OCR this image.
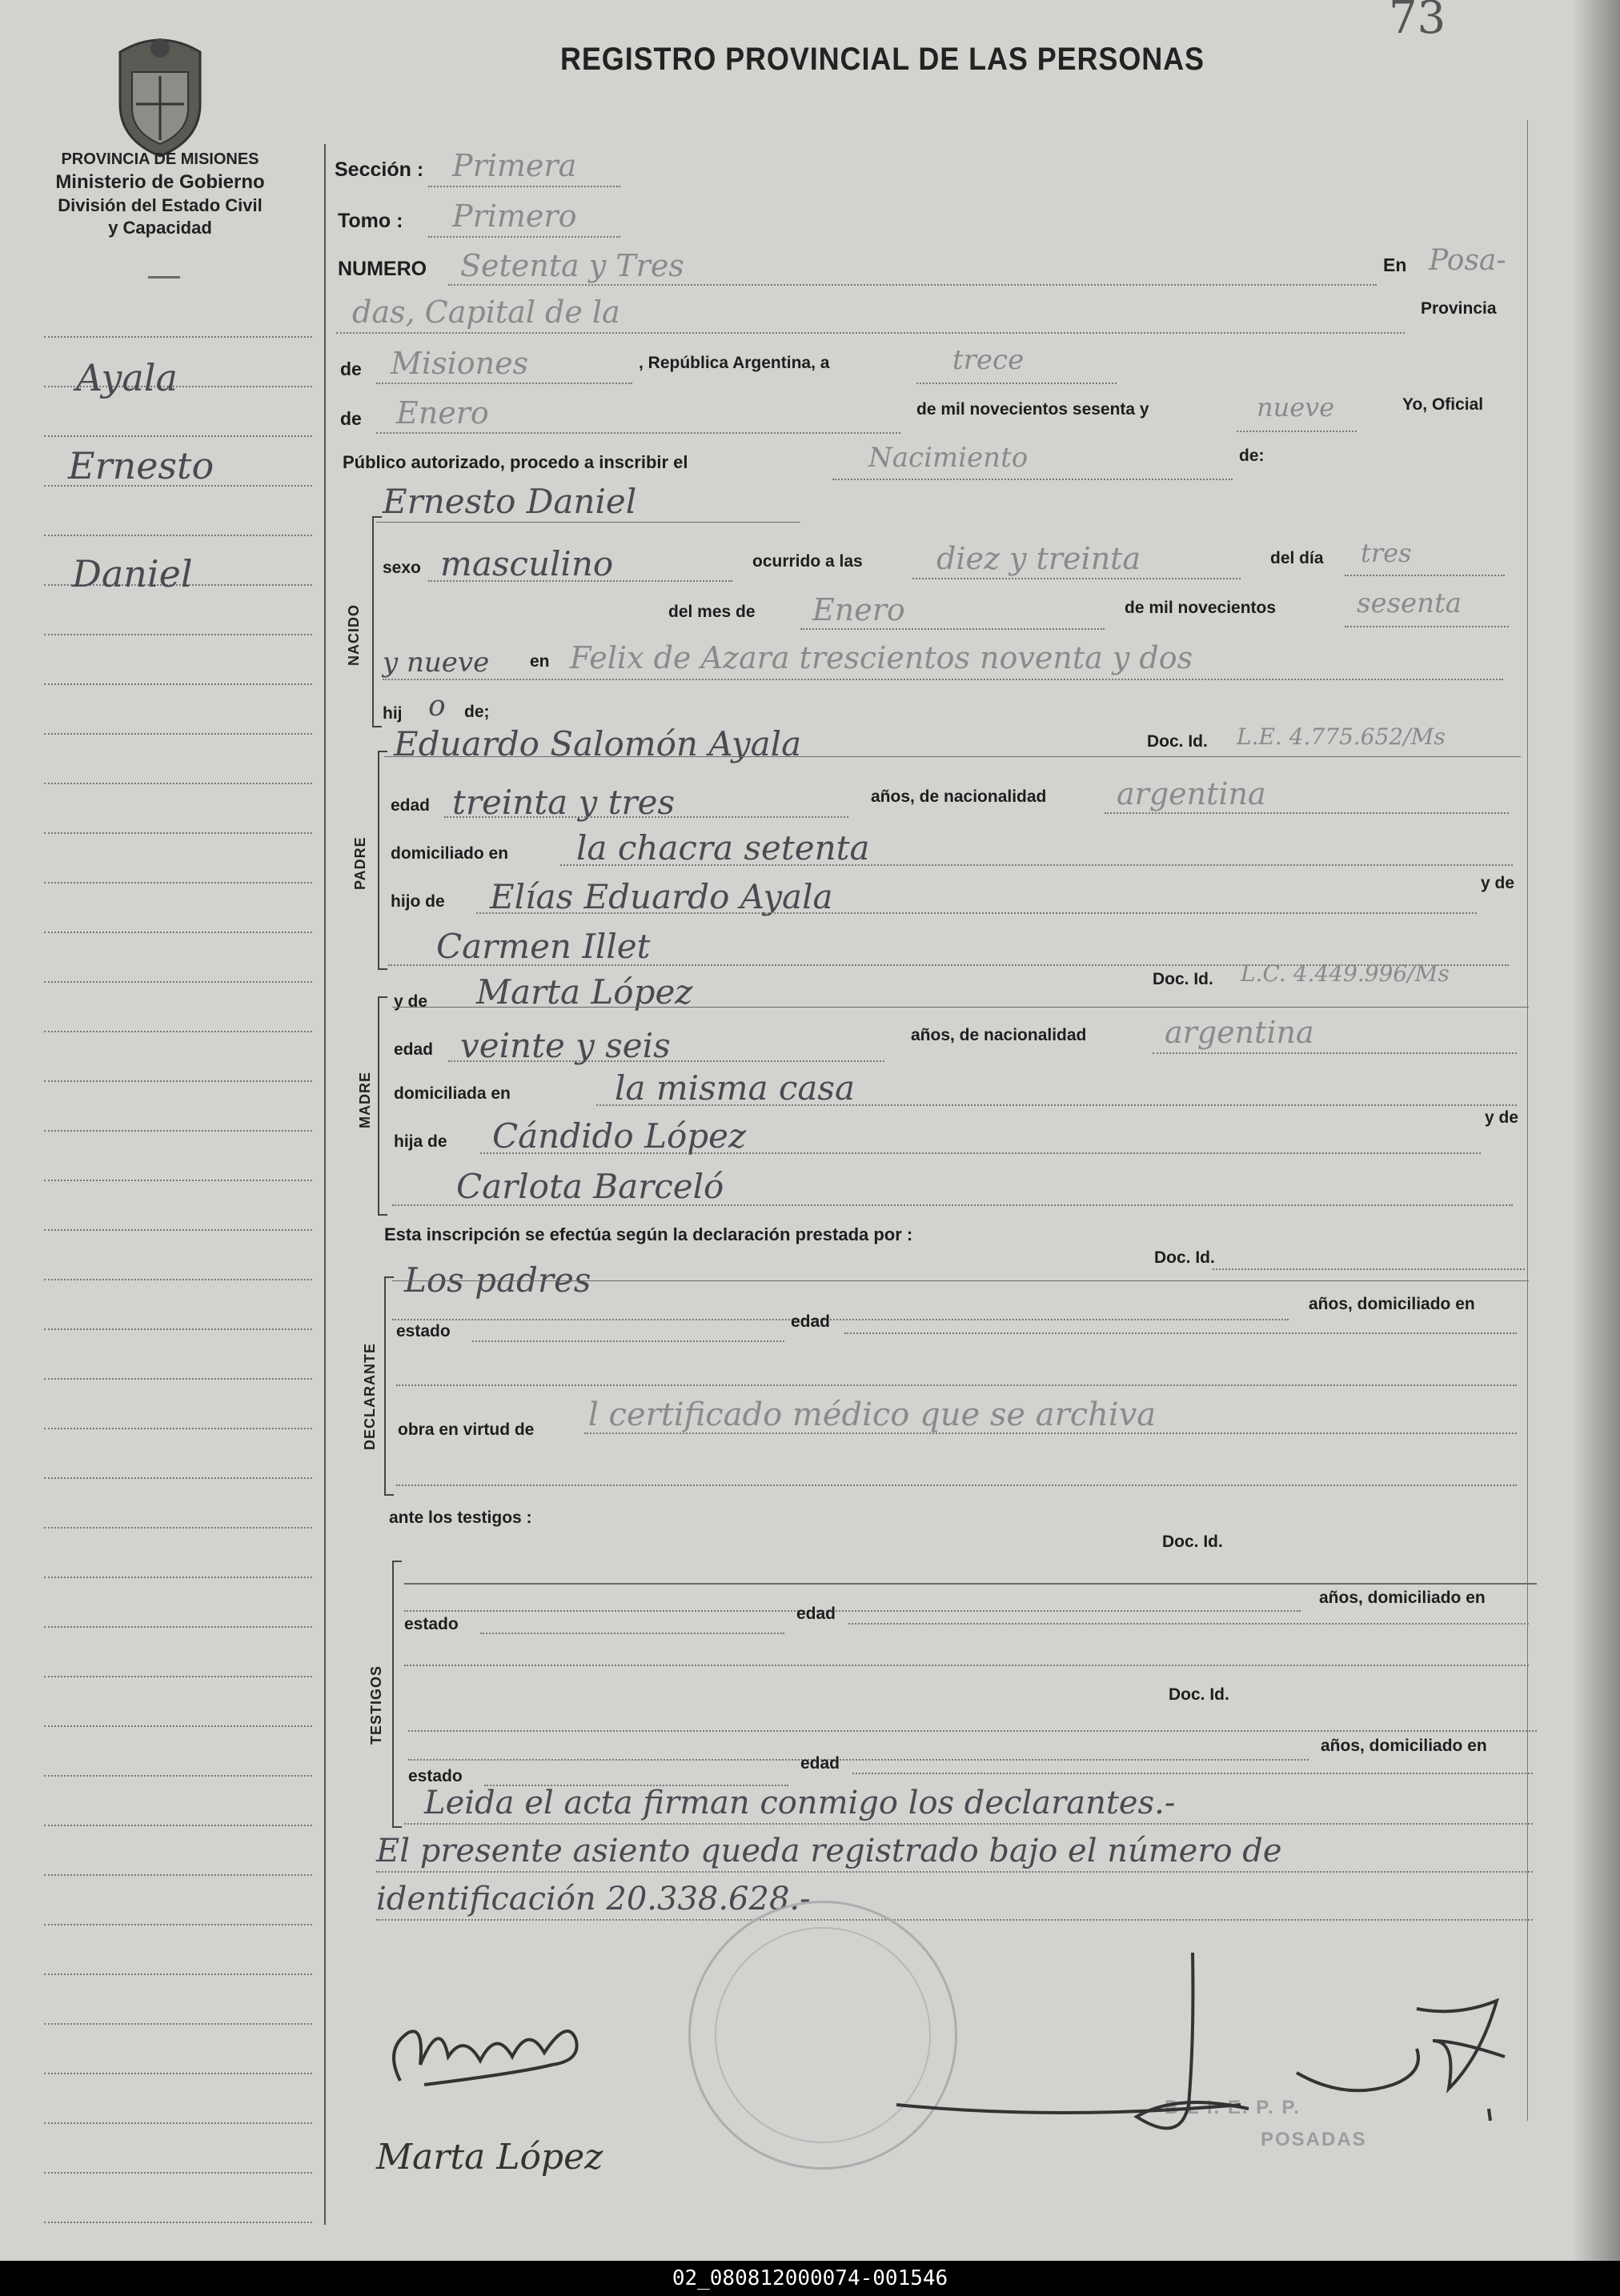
73
PROVINCIA DE MISIONES
Ministerio de Gobierno
División del Estado Civil
y Capacidad
REGISTRO PROVINCIAL DE LAS PERSONAS
Ayala
Ernesto
Daniel
Sección : Primera
Tomo : Primero
NUMERO Setenta y Tres	En Posa-
das, Capital de la	Provincia
de Misiones	, República Argentina, a	trece
de Enero	de mil novecientos sesenta y	nueve	Yo, Oficial
Público autorizado, procedo a inscribir el	Nacimiento	de:
NACIDO
Ernesto Daniel
sexo masculino	ocurrido a las diez y treinta	del día tres
del mes de Enero	de mil novecientos	sesenta
y nueve en Felix de Azara trescientos noventa y dos
hij o de;
PADRE
Eduardo Salomón Ayala	Doc. Id. L.E. 4.775.652/Ms
edad treinta y tres	años, de nacionalidad argentina
domiciliado en la chacra setenta
hijo de Elías Eduardo Ayala	y de
Carmen Illet
MADRE
y de Marta López	Doc. Id. L.C. 4.449.996/Ms
edad veinte y seis	años, de nacionalidad	argentina
domiciliada en	la misma casa
hija de Cándido López	y de
Carlota Barceló
Esta inscripción se efectúa según la declaración prestada por :
DECLARANTE
Los padres
Doc. Id.
años, domiciliado en
estado
edad
obra en virtud de l certificado médico que se archiva
ante los testigos :
TESTIGOS
Doc. Id.
años, domiciliado en
estado
edad
Doc. Id.
años, domiciliado en
estado
edad
Leida el acta firman conmigo los declarantes.-
El presente asiento queda registrado bajo el número de
identificación 20.338.628.-
B L I. E. P. P.
POSADAS
Marta López
02_080812000074-001546
